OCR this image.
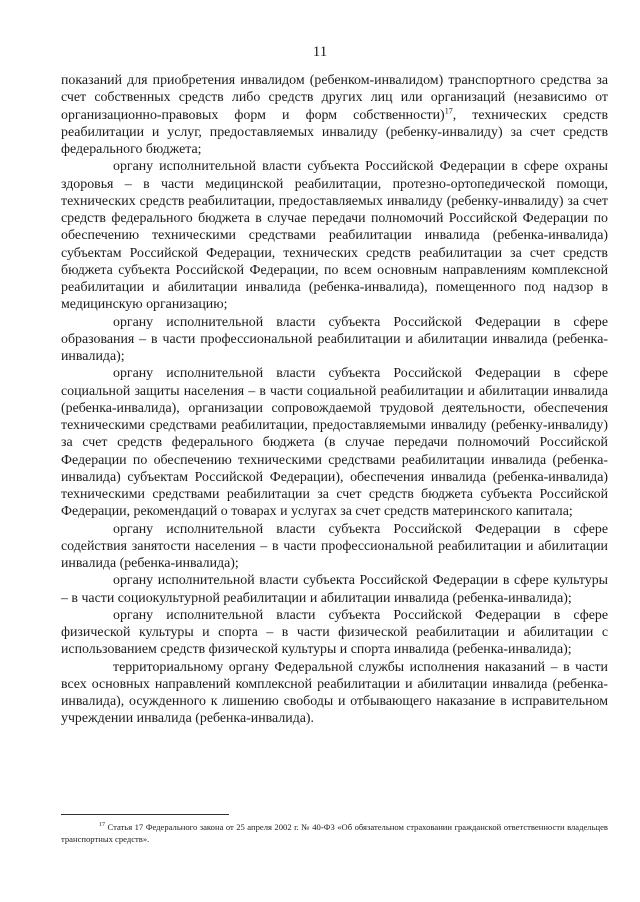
11

показаний для приобретения инвалидом (ребенком-инвалидом) транспортного средства за счет собственных средств либо средств других лиц или организаций (независимо от организационно-правовых форм и форм собственности)$^{17}$, технических средств реабилитации и услуг, предоставляемых инвалиду (ребенку-инвалиду) за счет средств федерального бюджета;

органу исполнительной власти субъекта Российской Федерации в сфере охраны здоровья – в части медицинской реабилитации, протезно-ортопедической помощи, технических средств реабилитации, предоставляемых инвалиду (ребенку-инвалиду) за счет средств федерального бюджета в случае передачи полномочий Российской Федерации по обеспечению техническими средствами реабилитации инвалида (ребенка-инвалида) субъектам Российской Федерации, технических средств реабилитации за счет средств бюджета субъекта Российской Федерации, по всем основным направлениям комплексной реабилитации и абилитации инвалида (ребенка-инвалида), помещенного под надзор в медицинскую организацию;

органу исполнительной власти субъекта Российской Федерации в сфере образования – в части профессиональной реабилитации и абилитации инвалида (ребенка-инвалида);

органу исполнительной власти субъекта Российской Федерации в сфере социальной защиты населения – в части социальной реабилитации и абилитации инвалида (ребенка-инвалида), организации сопровождаемой трудовой деятельности, обеспечения техническими средствами реабилитации, предоставляемыми инвалиду (ребенку-инвалиду) за счет средств федерального бюджета (в случае передачи полномочий Российской Федерации по обеспечению техническими средствами реабилитации инвалида (ребенка-инвалида) субъектам Российской Федерации), обеспечения инвалида (ребенка-инвалида) техническими средствами реабилитации за счет средств бюджета субъекта Российской Федерации, рекомендаций о товарах и услугах за счет средств материнского капитала;

органу исполнительной власти субъекта Российской Федерации в сфере содействия занятости населения – в части профессиональной реабилитации и абилитации инвалида (ребенка-инвалида);

органу исполнительной власти субъекта Российской Федерации в сфере культуры – в части социокультурной реабилитации и абилитации инвалида (ребенка-инвалида);

органу исполнительной власти субъекта Российской Федерации в сфере физической культуры и спорта – в части физической реабилитации и абилитации с использованием средств физической культуры и спорта инвалида (ребенка-инвалида);

территориальному органу Федеральной службы исполнения наказаний – в части всех основных направлений комплексной реабилитации и абилитации инвалида (ребенка-инвалида), осужденного к лишению свободы и отбывающего наказание в исправительном учреждении инвалида (ребенка-инвалида).

$^{17}$ Статья 17 Федерального закона от 25 апреля 2002 г. № 40-ФЗ «Об обязательном страховании гражданской ответственности владельцев транспортных средств».
